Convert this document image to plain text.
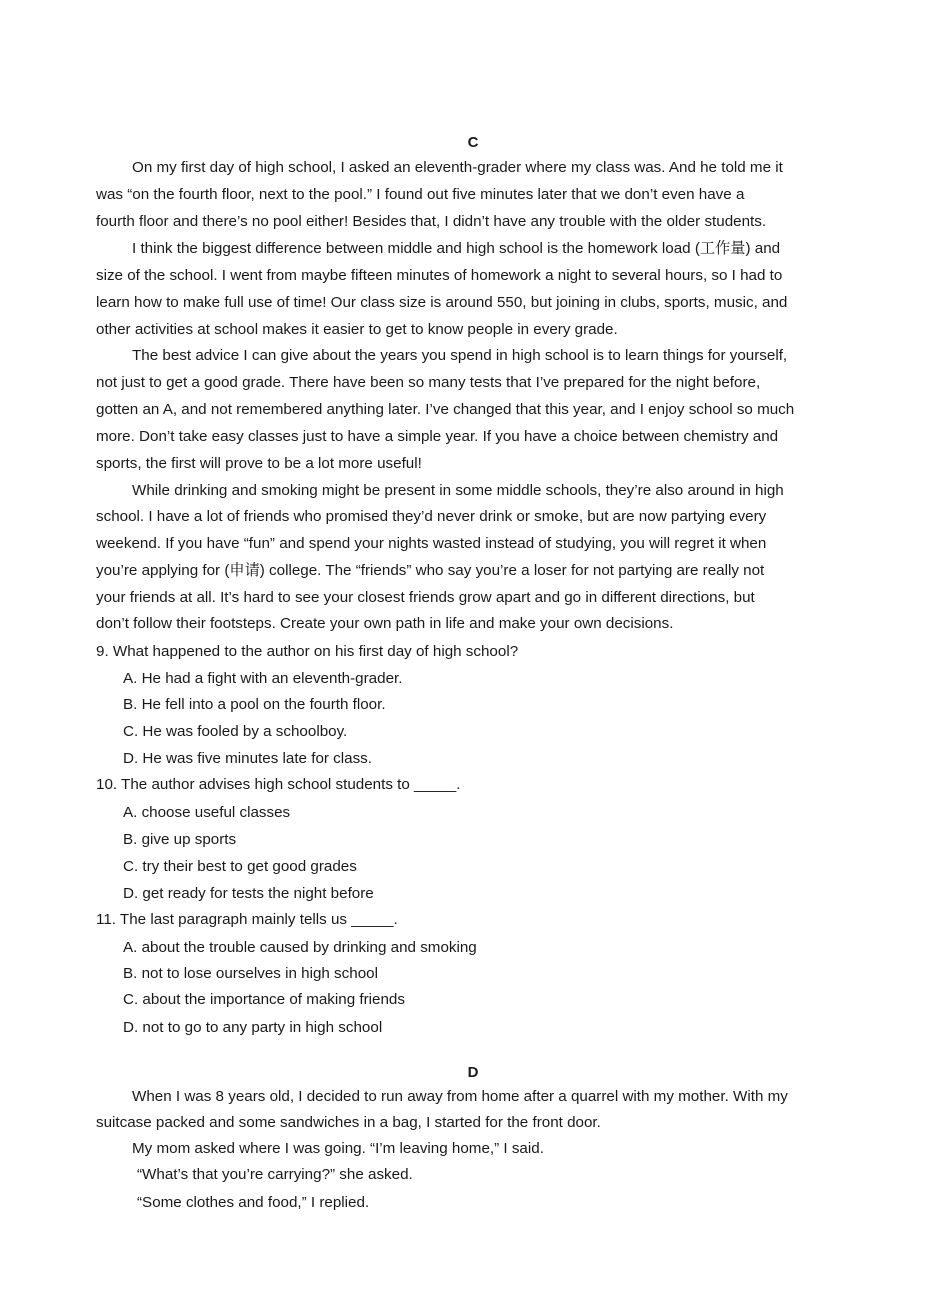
C
On my first day of high school, I asked an eleventh-grader where my class was. And he told me it
was “on the fourth floor, next to the pool.” I found out five minutes later that we don’t even have a
fourth floor and there’s no pool either! Besides that, I didn’t have any trouble with the older students.
I think the biggest difference between middle and high school is the homework load (工作量) and
size of the school. I went from maybe fifteen minutes of homework a night to several hours, so I had to
learn how to make full use of time! Our class size is around 550, but joining in clubs, sports, music, and
other activities at school makes it easier to get to know people in every grade.
The best advice I can give about the years you spend in high school is to learn things for yourself,
not just to get a good grade. There have been so many tests that I’ve prepared for the night before,
gotten an A, and not remembered anything later. I’ve changed that this year, and I enjoy school so much
more. Don’t take easy classes just to have a simple year. If you have a choice between chemistry and
sports, the first will prove to be a lot more useful!
While drinking and smoking might be present in some middle schools, they’re also around in high
school. I have a lot of friends who promised they’d never drink or smoke, but are now partying every
weekend. If you have “fun” and spend your nights wasted instead of studying, you will regret it when
you’re applying for (申请) college. The “friends” who say you’re a loser for not partying are really not
your friends at all. It’s hard to see your closest friends grow apart and go in different directions, but
don’t follow their footsteps. Create your own path in life and make your own decisions.
9. What happened to the author on his first day of high school?
A. He had a fight with an eleventh-grader.
B. He fell into a pool on the fourth floor.
C. He was fooled by a schoolboy.
D. He was five minutes late for class.
10. The author advises high school students to _____.
A. choose useful classes
B. give up sports
C. try their best to get good grades
D. get ready for tests the night before
11. The last paragraph mainly tells us _____.
A. about the trouble caused by drinking and smoking
B. not to lose ourselves in high school
C. about the importance of making friends
D. not to go to any party in high school
D
When I was 8 years old, I decided to run away from home after a quarrel with my mother. With my
suitcase packed and some sandwiches in a bag, I started for the front door.
My mom asked where I was going. “I’m leaving home,” I said.
“What’s that you’re carrying?” she asked.
“Some clothes and food,” I replied.
